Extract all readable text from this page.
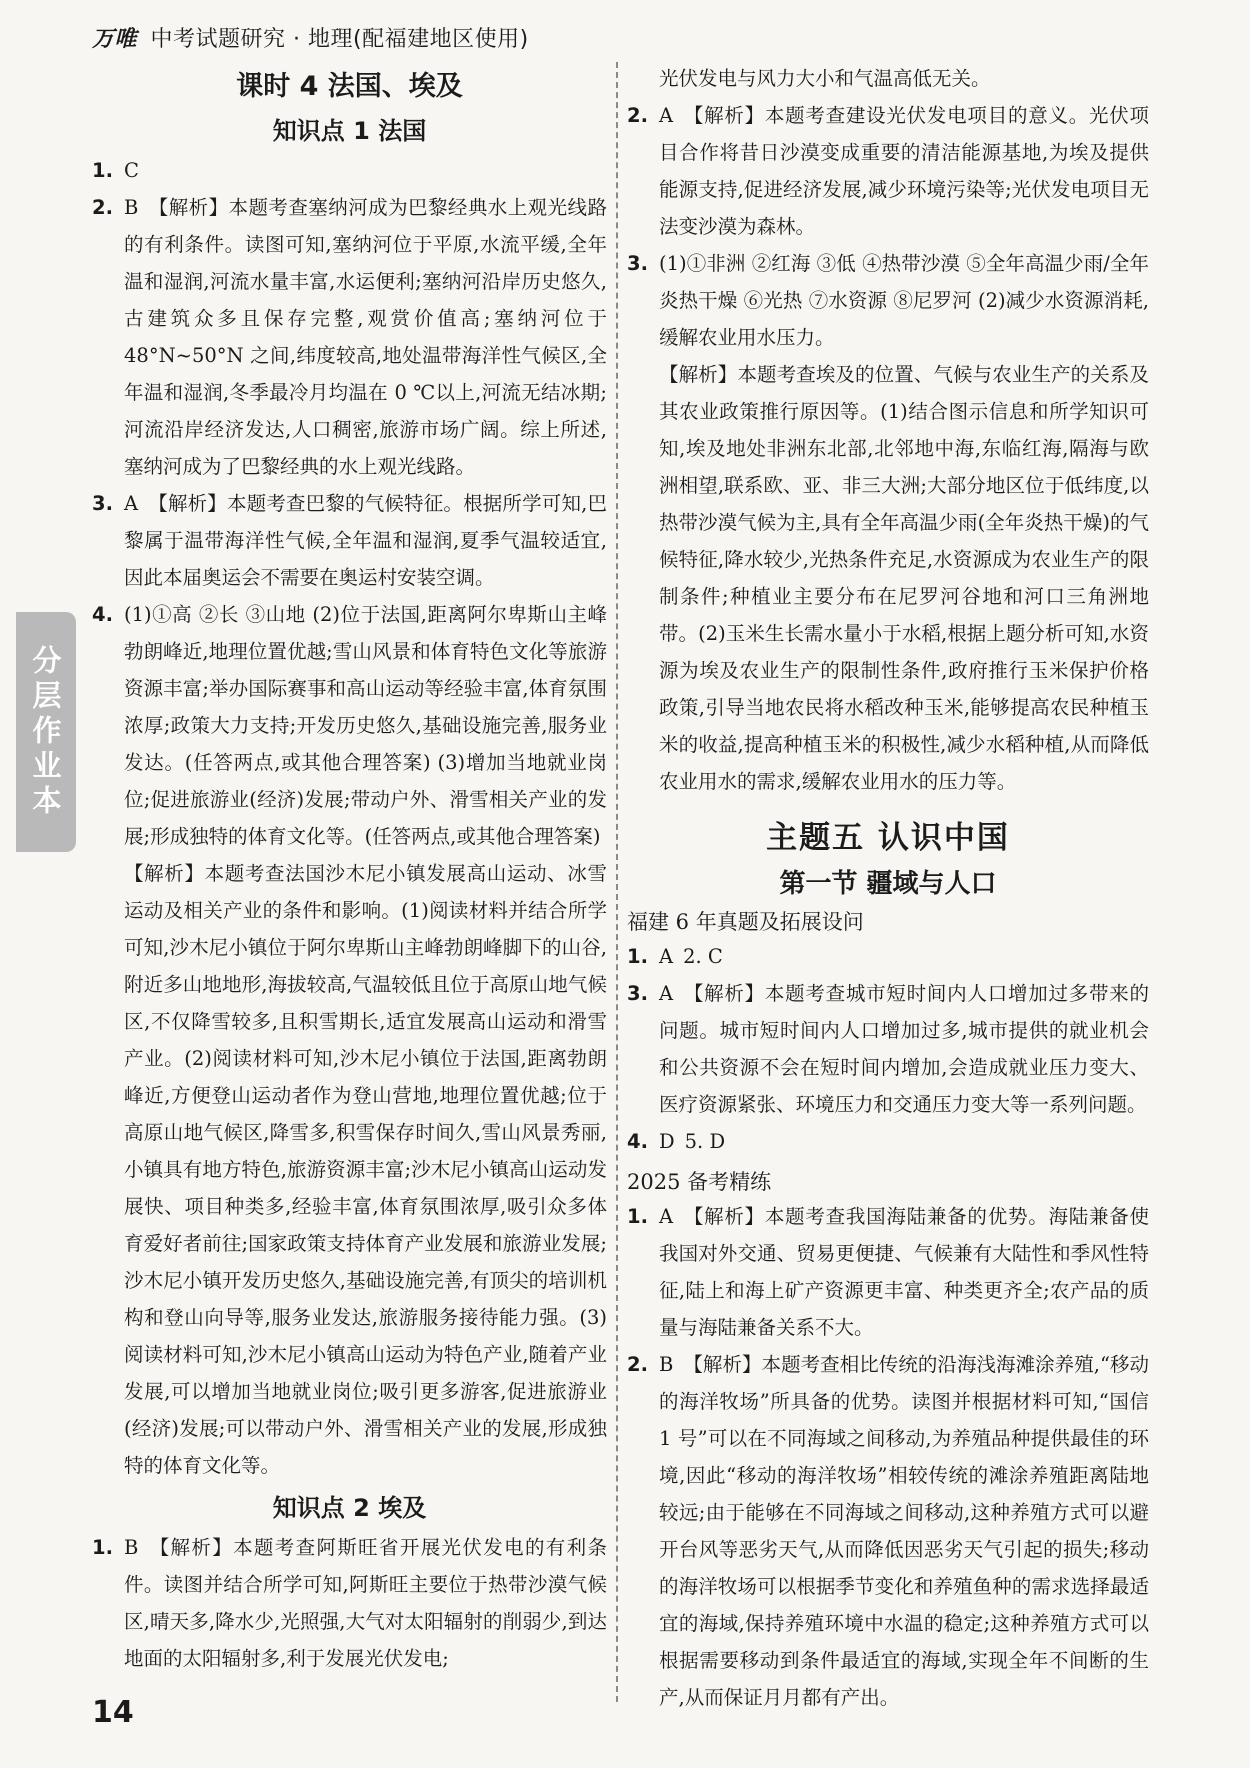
万唯 中考试题研究 · 地理(配福建地区使用)
分层作业本
课时 4 法国、埃及
知识点 1 法国
1. C
2. B 【解析】本题考查塞纳河成为巴黎经典水上观光线路的有利条件。读图可知,塞纳河位于平原,水流平缓,全年温和湿润,河流水量丰富,水运便利;塞纳河沿岸历史悠久,古建筑众多且保存完整,观赏价值高;塞纳河位于 48°N~50°N 之间,纬度较高,地处温带海洋性气候区,全年温和湿润,冬季最冷月均温在 0 ℃以上,河流无结冰期;河流沿岸经济发达,人口稠密,旅游市场广阔。综上所述,塞纳河成为了巴黎经典的水上观光线路。
3. A 【解析】本题考查巴黎的气候特征。根据所学可知,巴黎属于温带海洋性气候,全年温和湿润,夏季气温较适宜,因此本届奥运会不需要在奥运村安装空调。
4. (1)①高 ②长 ③山地 (2)位于法国,距离阿尔卑斯山主峰勃朗峰近,地理位置优越;雪山风景和体育特色文化等旅游资源丰富;举办国际赛事和高山运动等经验丰富,体育氛围浓厚;政策大力支持;开发历史悠久,基础设施完善,服务业发达。(任答两点,或其他合理答案) (3)增加当地就业岗位;促进旅游业(经济)发展;带动户外、滑雪相关产业的发展;形成独特的体育文化等。(任答两点,或其他合理答案)
【解析】本题考查法国沙木尼小镇发展高山运动、冰雪运动及相关产业的条件和影响。(1)阅读材料并结合所学可知,沙木尼小镇位于阿尔卑斯山主峰勃朗峰脚下的山谷,附近多山地地形,海拔较高,气温较低且位于高原山地气候区,不仅降雪较多,且积雪期长,适宜发展高山运动和滑雪产业。(2)阅读材料可知,沙木尼小镇位于法国,距离勃朗峰近,方便登山运动者作为登山营地,地理位置优越;位于高原山地气候区,降雪多,积雪保存时间久,雪山风景秀丽,小镇具有地方特色,旅游资源丰富;沙木尼小镇高山运动发展快、项目种类多,经验丰富,体育氛围浓厚,吸引众多体育爱好者前往;国家政策支持体育产业发展和旅游业发展;沙木尼小镇开发历史悠久,基础设施完善,有顶尖的培训机构和登山向导等,服务业发达,旅游服务接待能力强。(3)阅读材料可知,沙木尼小镇高山运动为特色产业,随着产业发展,可以增加当地就业岗位;吸引更多游客,促进旅游业(经济)发展;可以带动户外、滑雪相关产业的发展,形成独特的体育文化等。
知识点 2 埃及
1. B 【解析】本题考查阿斯旺省开展光伏发电的有利条件。读图并结合所学可知,阿斯旺主要位于热带沙漠气候区,晴天多,降水少,光照强,大气对太阳辐射的削弱少,到达地面的太阳辐射多,利于发展光伏发电;
光伏发电与风力大小和气温高低无关。
2. A 【解析】本题考查建设光伏发电项目的意义。光伏项目合作将昔日沙漠变成重要的清洁能源基地,为埃及提供能源支持,促进经济发展,减少环境污染等;光伏发电项目无法变沙漠为森林。
3. (1)①非洲 ②红海 ③低 ④热带沙漠 ⑤全年高温少雨/全年炎热干燥 ⑥光热 ⑦水资源 ⑧尼罗河 (2)减少水资源消耗,缓解农业用水压力。
【解析】本题考查埃及的位置、气候与农业生产的关系及其农业政策推行原因等。(1)结合图示信息和所学知识可知,埃及地处非洲东北部,北邻地中海,东临红海,隔海与欧洲相望,联系欧、亚、非三大洲;大部分地区位于低纬度,以热带沙漠气候为主,具有全年高温少雨(全年炎热干燥)的气候特征,降水较少,光热条件充足,水资源成为农业生产的限制条件;种植业主要分布在尼罗河谷地和河口三角洲地带。(2)玉米生长需水量小于水稻,根据上题分析可知,水资源为埃及农业生产的限制性条件,政府推行玉米保护价格政策,引导当地农民将水稻改种玉米,能够提高农民种植玉米的收益,提高种植玉米的积极性,减少水稻种植,从而降低农业用水的需求,缓解农业用水的压力等。
主题五 认识中国
第一节 疆域与人口
福建 6 年真题及拓展设问
1. A 2. C
3. A 【解析】本题考查城市短时间内人口增加过多带来的问题。城市短时间内人口增加过多,城市提供的就业机会和公共资源不会在短时间内增加,会造成就业压力变大、医疗资源紧张、环境压力和交通压力变大等一系列问题。
4. D 5. D
2025 备考精练
1. A 【解析】本题考查我国海陆兼备的优势。海陆兼备使我国对外交通、贸易更便捷、气候兼有大陆性和季风性特征,陆上和海上矿产资源更丰富、种类更齐全;农产品的质量与海陆兼备关系不大。
2. B 【解析】本题考查相比传统的沿海浅海滩涂养殖,“移动的海洋牧场”所具备的优势。读图并根据材料可知,“国信 1 号”可以在不同海域之间移动,为养殖品种提供最佳的环境,因此“移动的海洋牧场”相较传统的滩涂养殖距离陆地较远;由于能够在不同海域之间移动,这种养殖方式可以避开台风等恶劣天气,从而降低因恶劣天气引起的损失;移动的海洋牧场可以根据季节变化和养殖鱼种的需求选择最适宜的海域,保持养殖环境中水温的稳定;这种养殖方式可以根据需要移动到条件最适宜的海域,实现全年不间断的生产,从而保证月月都有产出。
14
